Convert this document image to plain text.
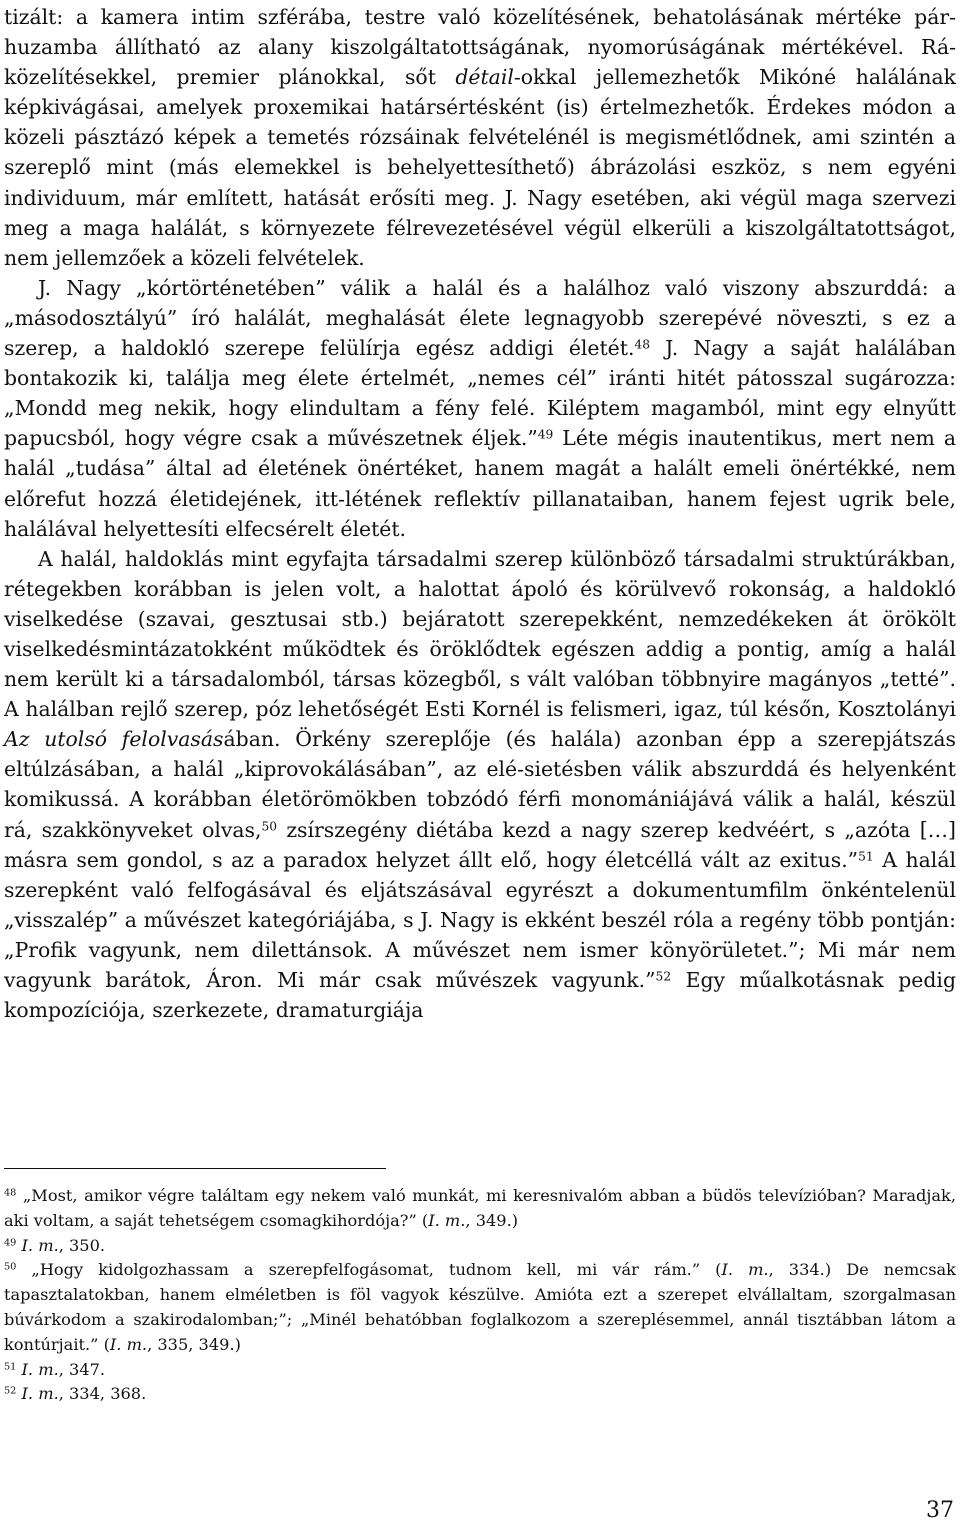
tizált: a kamera intim szférába, testre való közelítésének, behatolásának mértéke párhuzamba állítható az alany kiszolgáltatottságának, nyomorúságának mértékével. Ráközelítésekkel, premier plánokkal, sőt détail-okkal jellemezhetők Mikóné halálának képkivágásai, amelyek proxemikai határsértésként (is) értelmezhetők. Érdekes módon a közeli pásztázó képek a temetés rózsáinak felvételénél is megismétlődnek, ami szintén a szereplő mint (más elemekkel is behelyettesíthető) ábrázolási eszköz, s nem egyéni individuum, már említett, hatását erősíti meg. J. Nagy esetében, aki végül maga szervezi meg a maga halálát, s környezete félrevezetésével végül elkerüli a kiszolgáltatottságot, nem jellemzőek a közeli felvételek.

J. Nagy „kórtörténetében” válik a halál és a halálhoz való viszony abszurddá: a „másodosztályú” író halálát, meghalását élete legnagyobb szerepévé növeszti, s ez a szerep, a haldokló szerepe felülírja egész addigi életét.$^{48}$ J. Nagy a saját halálában bontakozik ki, találja meg élete értelmét, „nemes cél” iránti hitét pátosszal sugározza: „Mondd meg nekik, hogy elindultam a fény felé. Kiléptem magamból, mint egy elnyűtt papucsból, hogy végre csak a művészetnek éljek.”$^{49}$ Léte mégis inautentikus, mert nem a halál „tudása” által ad életének önértéket, hanem magát a halált emeli önértékké, nem előrefut hozzá életidejének, itt-létének reflektív pillanataiban, hanem fejest ugrik bele, halálával helyettesíti elfecsérelt életét.

A halál, haldoklás mint egyfajta társadalmi szerep különböző társadalmi struktúrákban, rétegekben korábban is jelen volt, a halottat ápoló és körülvevő rokonság, a haldokló viselkedése (szavai, gesztusai stb.) bejáratott szerepekként, nemzedékeken át örökölt viselkedésmintázatokként működtek és öröklődtek egészen addig a pontig, amíg a halál nem került ki a társadalomból, társas közegből, s vált valóban többnyire magányos „tetté”. A halálban rejlő szerep, póz lehetőségét Esti Kornél is felismeri, igaz, túl későn, Kosztolányi Az utolsó felolvasásában. Örkény szereplője (és halála) azonban épp a szerepjátszás eltúlzásában, a halál „kiprovokálásában”, az elé-sietésben válik abszurddá és helyenként komikussá. A korábban életörömökben tobzódó férfi monomániájává válik a halál, készül rá, szakkönyveket olvas,$^{50}$ zsírszegény diétába kezd a nagy szerep kedvéért, s „azóta […] másra sem gondol, s az a paradox helyzet állt elő, hogy életcéllá vált az exitus.”$^{51}$ A halál szerepként való felfogásával és eljátszásával egyrészt a dokumentumfilm önkéntelenül „visszalép” a művészet kategóriájába, s J. Nagy is ekként beszél róla a regény több pontján: „Profik vagyunk, nem dilettánsok. A művészet nem ismer könyörületet.”; Mi már nem vagyunk barátok, Áron. Mi már csak művészek vagyunk.”$^{52}$ Egy műalkotásnak pedig kompozíciója, szerkezete, dramaturgiája

$^{48}$ „Most, amikor végre találtam egy nekem való munkát, mi keresnivalóm abban a büdös televízióban? Maradjak, aki voltam, a saját tehetségem csomagkihordója?” (I. m., 349.)

$^{49}$ I. m., 350.

$^{50}$ „Hogy kidolgozhassam a szerepfelfogásomat, tudnom kell, mi vár rám.” (I. m., 334.) De nemcsak tapasztalatokban, hanem elméletben is föl vagyok készülve. Amióta ezt a szerepet elvállaltam, szorgalmasan búvárkodom a szakirodalomban;”; „Minél behatóbban foglalkozom a szereplésemmel, annál tisztábban látom a kontúrjait.” (I. m., 335, 349.)

$^{51}$ I. m., 347.

$^{52}$ I. m., 334, 368.

37
